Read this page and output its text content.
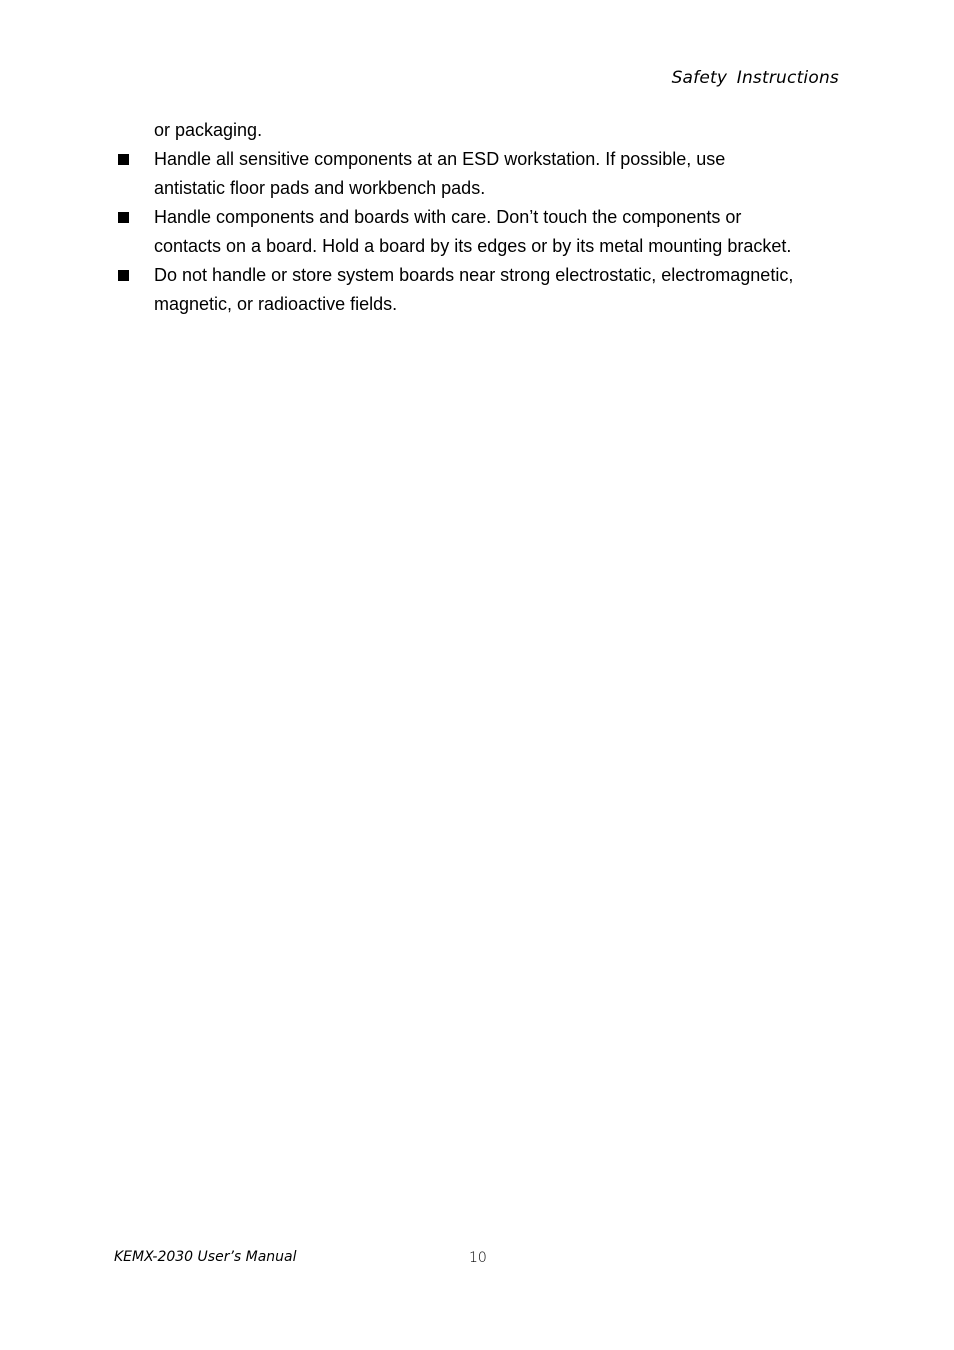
Safety Instructions
or packaging.
Handle all sensitive components at an ESD workstation. If possible, use
antistatic floor pads and workbench pads.
Handle components and boards with care. Don’t touch the components or
contacts on a board. Hold a board by its edges or by its metal mounting bracket.
Do not handle or store system boards near strong electrostatic, electromagnetic,
magnetic, or radioactive fields.
KEMX-2030 User’s Manual	10
